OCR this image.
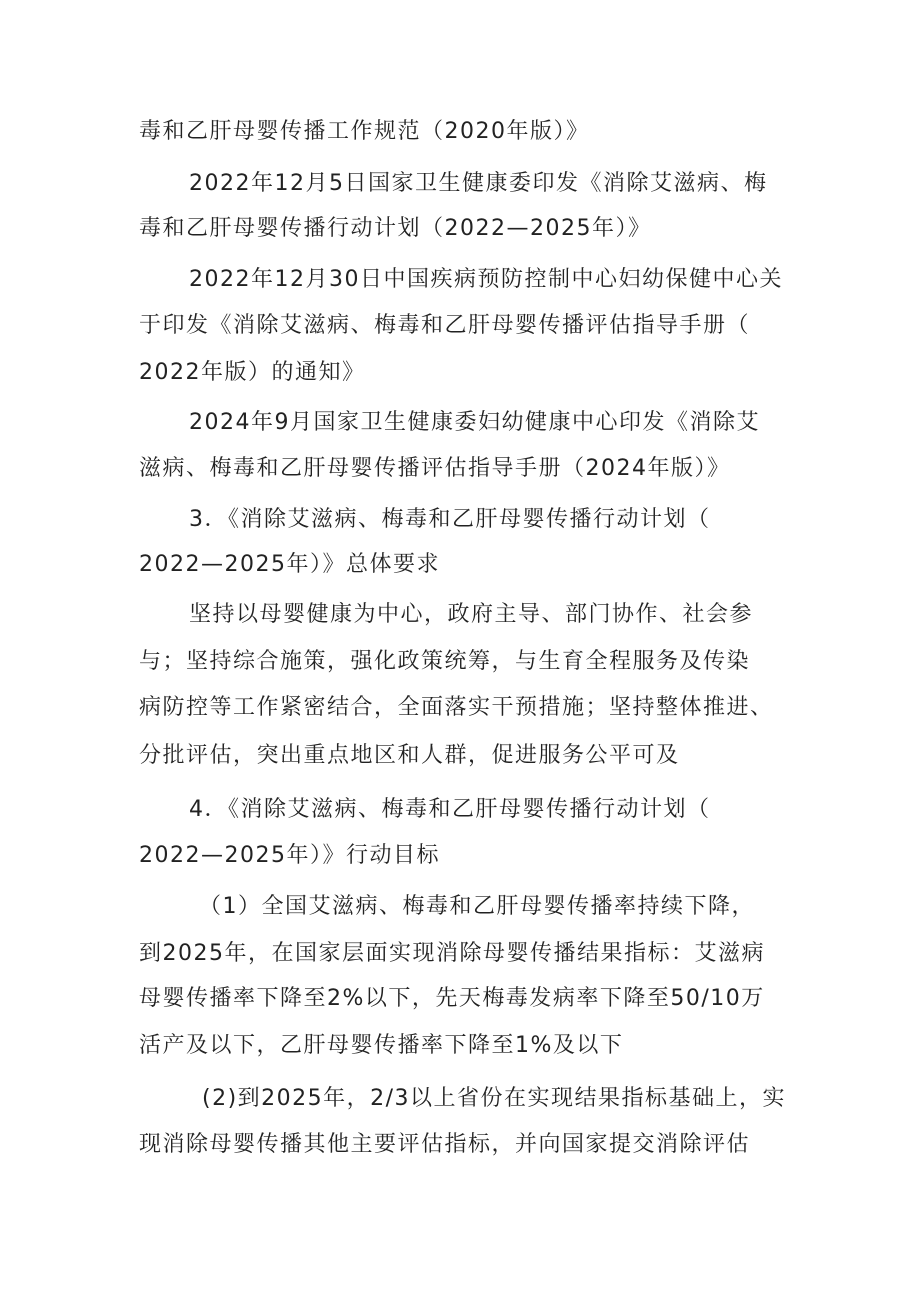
毒和乙肝母婴传播工作规范（2020年版）》
2022年12月5日国家卫生健康委印发《消除艾滋病、梅
毒和乙肝母婴传播行动计划（2022—2025年）》
2022年12月30日中国疾病预防控制中心妇幼保健中心关
于印发《消除艾滋病、梅毒和乙肝母婴传播评估指导手册（
2022年版）的通知》
2024年9月国家卫生健康委妇幼健康中心印发《消除艾
滋病、梅毒和乙肝母婴传播评估指导手册（2024年版）》
3．《消除艾滋病、梅毒和乙肝母婴传播行动计划（
2022—2025年）》总体要求
坚持以母婴健康为中心，政府主导、部门协作、社会参
与；坚持综合施策，强化政策统筹，与生育全程服务及传染
病防控等工作紧密结合，全面落实干预措施；坚持整体推进、
分批评估，突出重点地区和人群，促进服务公平可及
4．《消除艾滋病、梅毒和乙肝母婴传播行动计划（
2022—2025年）》行动目标
（1）全国艾滋病、梅毒和乙肝母婴传播率持续下降，
到2025年，在国家层面实现消除母婴传播结果指标：艾滋病
母婴传播率下降至2%以下，先天梅毒发病率下降至50/10万
活产及以下，乙肝母婴传播率下降至1%及以下
(2)到2025年，2/3以上省份在实现结果指标基础上，实
现消除母婴传播其他主要评估指标，并向国家提交消除评估
